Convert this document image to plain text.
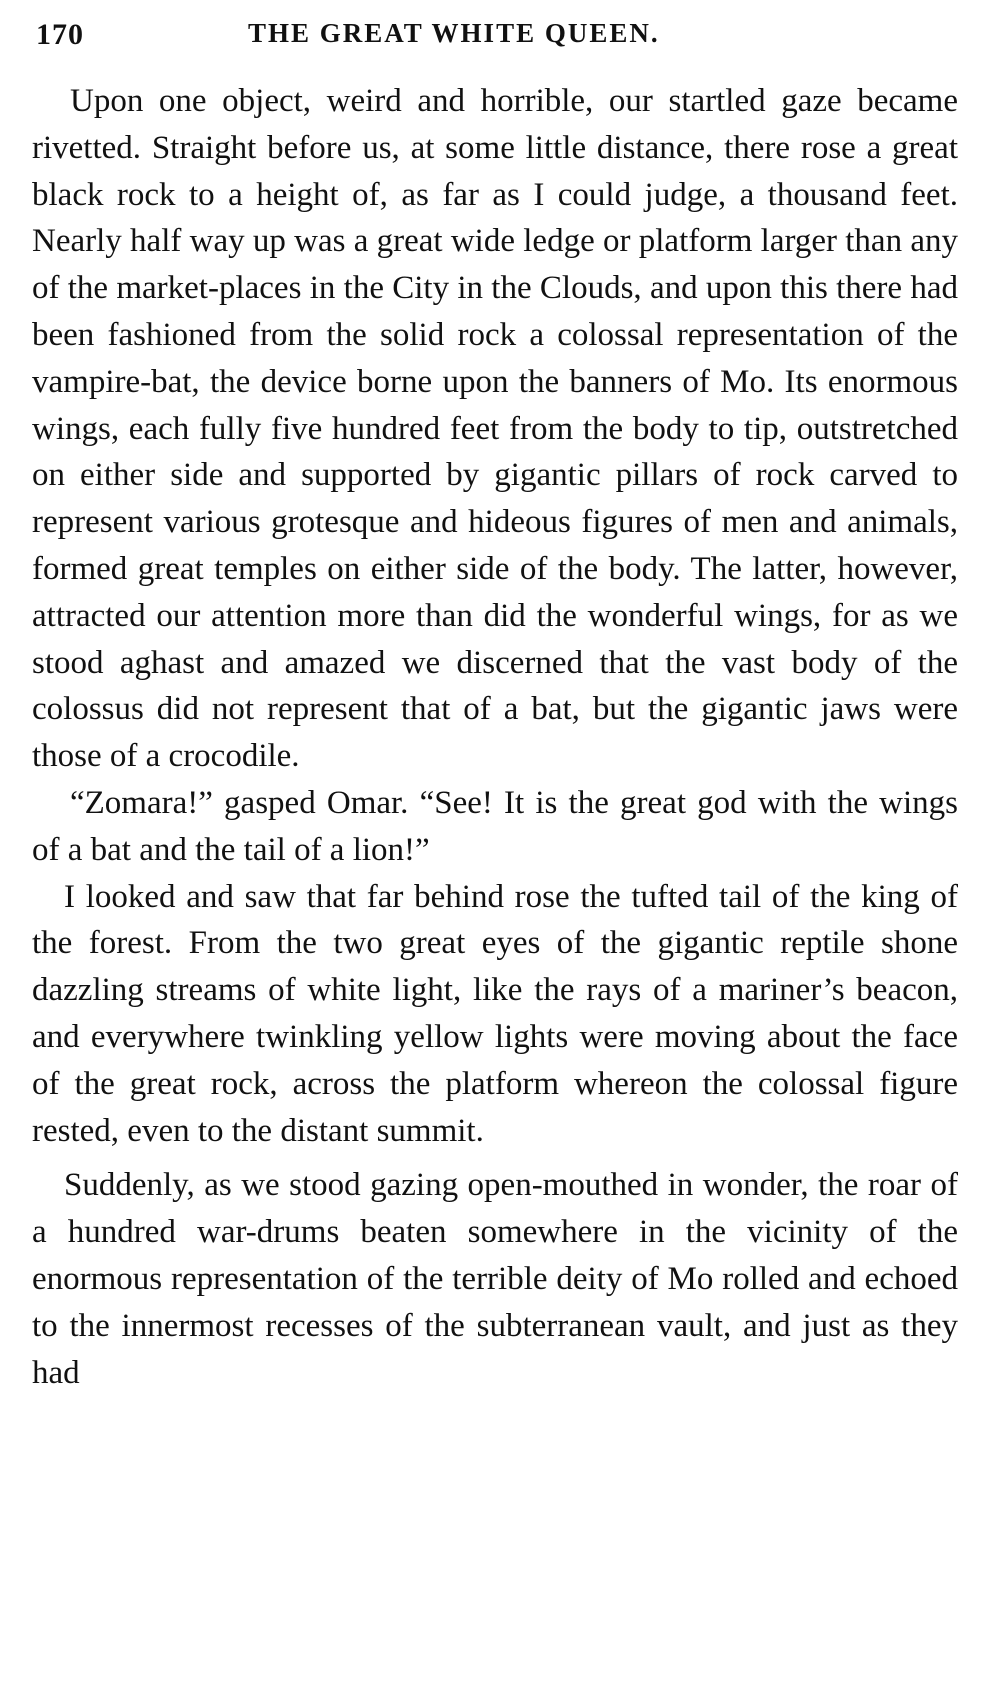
170	THE GREAT WHITE QUEEN.

Upon one object, weird and horrible, our startled gaze became rivetted. Straight before us, at some little distance, there rose a great black rock to a height of, as far as I could judge, a thousand feet. Nearly half way up was a great wide ledge or platform larger than any of the market-places in the City in the Clouds, and upon this there had been fashioned from the solid rock a colossal representation of the vampire-bat, the device borne upon the banners of Mo. Its enormous wings, each fully five hundred feet from the body to tip, outstretched on either side and supported by gigantic pillars of rock carved to represent various grotesque and hideous figures of men and animals, formed great temples on either side of the body. The latter, however, attracted our attention more than did the wonderful wings, for as we stood aghast and amazed we discerned that the vast body of the colossus did not represent that of a bat, but the gigantic jaws were those of a crocodile.

“Zomara!” gasped Omar. “See! It is the great god with the wings of a bat and the tail of a lion!”

I looked and saw that far behind rose the tufted tail of the king of the forest. From the two great eyes of the gigantic reptile shone dazzling streams of white light, like the rays of a mariner’s beacon, and everywhere twinkling yellow lights were moving about the face of the great rock, across the platform whereon the colossal figure rested, even to the distant summit.

Suddenly, as we stood gazing open-mouthed in wonder, the roar of a hundred war-drums beaten somewhere in the vicinity of the enormous representation of the terrible deity of Mo rolled and echoed to the innermost recesses of the subterranean vault, and just as they had
